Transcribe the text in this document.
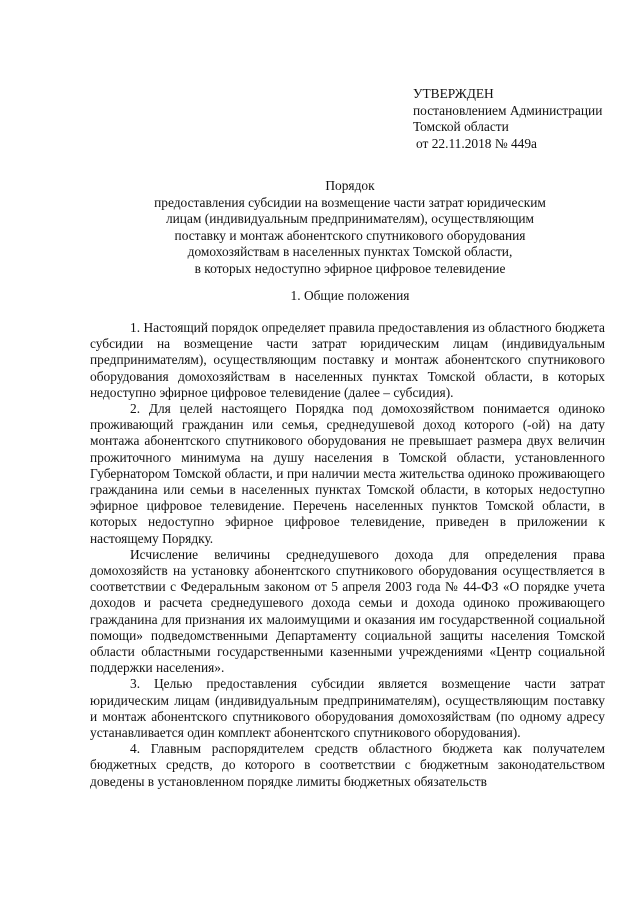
УТВЕРЖДЕН
постановлением Администрации
Томской области
от 22.11.2018 № 449а
Порядок
предоставления субсидии на возмещение части затрат юридическим
лицам (индивидуальным предпринимателям), осуществляющим
поставку и монтаж абонентского спутникового оборудования
домохозяйствам в населенных пунктах Томской области,
в которых недоступно эфирное цифровое телевидение
1. Общие положения

1. Настоящий порядок определяет правила предоставления из областного бюджета субсидии на возмещение части затрат юридическим лицам (индивидуальным предпринимателям), осуществляющим поставку и монтаж абонентского спутникового оборудования домохозяйствам в населенных пунктах Томской области, в которых недоступно эфирное цифровое телевидение (далее – субсидия).

2. Для целей настоящего Порядка под домохозяйством понимается одиноко проживающий гражданин или семья, среднедушевой доход которого (-ой) на дату монтажа абонентского спутникового оборудования не превышает размера двух величин прожиточного минимума на душу населения в Томской области, установленного Губернатором Томской области, и при наличии места жительства одиноко проживающего гражданина или семьи в населенных пунктах Томской области, в которых недоступно эфирное цифровое телевидение. Перечень населенных пунктов Томской области, в которых недоступно эфирное цифровое телевидение, приведен в приложении к настоящему Порядку.

Исчисление величины среднедушевого дохода для определения права домохозяйств на установку абонентского спутникового оборудования осуществляется в соответствии с Федеральным законом от 5 апреля 2003 года № 44-ФЗ «О порядке учета доходов и расчета среднедушевого дохода семьи и дохода одиноко проживающего гражданина для признания их малоимущими и оказания им государственной социальной помощи» подведомственными Департаменту социальной защиты населения Томской области областными государственными казенными учреждениями «Центр социальной поддержки населения».

3. Целью предоставления субсидии является возмещение части затрат юридическим лицам (индивидуальным предпринимателям), осуществляющим поставку и монтаж абонентского спутникового оборудования домохозяйствам (по одному адресу устанавливается один комплект абонентского спутникового оборудования).

4. Главным распорядителем средств областного бюджета как получателем бюджетных средств, до которого в соответствии с бюджетным законодательством доведены в установленном порядке лимиты бюджетных обязательств
